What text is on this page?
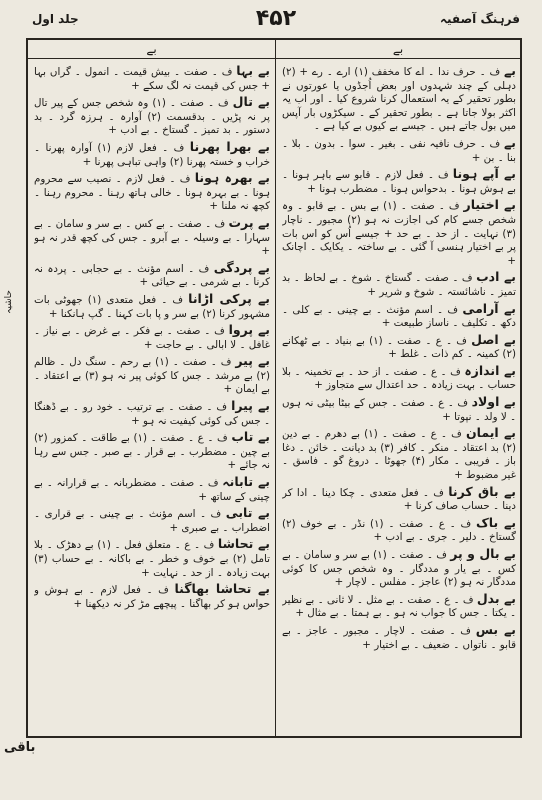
جلد اول	۴۵۲	فرہنگ آصفیہ
بے	بے
بے ف ۔ حرف ندا ۔ اے کا مخفف (۱) ارے ۔ رے + (۲) دہلی کے چند شہدوں اور بعض اُجڈوں یا عورتوں نے بطور تحقیر کے یہ استعمال کرنا شروع کیا ۔ اور اب یہ اکثر بولا جاتا ہے ۔ بطور تحقیر کے ۔ سیکڑوں بار آپس میں بول جاتے ہیں ۔ جیسے بے کیوں بے کیا ہے ۔
بے ف ۔ حرف نافیہ نفی ۔ بغیر ۔ سوا ۔ بدون ۔ بلا ۔ بنا ۔ بن +
بے آپے ہونا ف ۔ فعل لازم ۔ قابو سے باہر ہونا ۔ بے ہوش ہونا ۔ بدحواس ہونا ۔ مضطرب ہونا +
بے اختیار ف ۔ صفت ۔ (۱) بے بس ۔ بے قابو ۔ وہ شخص جسے کام کی اجازت نہ ہو (۲) مجبور ۔ ناچار (۳) نہایت ۔ از حد ۔ بے حد + جیسے اُس کو اس بات پر بے اختیار ہنسی آ گئی ۔ بے ساختہ ۔ یکایک ۔ اچانک +
بے ادب ف ۔ صفت ۔ گستاخ ۔ شوخ ۔ بے لحاظ ۔ بد تمیز ۔ ناشائستہ ۔ شوخ و شریر +
بے آرامی ف ۔ اسم مؤنث ۔ بے چینی ۔ بے کلی ۔ دکھ ۔ تکلیف ۔ ناساز طبیعت +
بے اصل ف ۔ ع ۔ صفت ۔ (۱) بے بنیاد ۔ بے ٹھکانے (۲) کمینہ ۔ کم ذات ۔ غلط +
بے اندازہ ف ۔ ع ۔ صفت ۔ از حد ۔ بے تخمینہ ۔ بلا حساب ۔ بہت زیادہ ۔ حد اعتدال سے متجاوز +
بے اولاد ف ۔ ع ۔ صفت ۔ جس کے بیٹا بیٹی نہ ہوں ۔ لا ولد ۔ نپوتا +
بے ایمان ف ۔ ع ۔ صفت ۔ (۱) بے دھرم ۔ بے دین (۲) بد اعتقاد ۔ منکر ۔ کافر (۳) بد دیانت ۔ خائن ۔ دغا باز ۔ فریبی ۔ مکار (۴) جھوٹا ۔ دروغ گو ۔ فاسق ۔ غیر مضبوط +
بے باق کرنا ف ۔ فعل متعدی ۔ چکا دینا ۔ ادا کر دینا ۔ حساب صاف کرنا +
بے باک ف ۔ ع ۔ صفت ۔ (۱) نڈر ۔ بے خوف (۲) گستاخ ۔ دلیر ۔ جری ۔ بے ادب +
بے بال و پر ف ۔ صفت ۔ (۱) بے سر و سامان ۔ بے کس ۔ بے یار و مددگار ۔ وہ شخص جس کا کوئی مددگار نہ ہو (۲) عاجز ۔ مفلس ۔ لاچار +
بے بدل ف ۔ ع ۔ صفت ۔ بے مثل ۔ لا ثانی ۔ بے نظیر ۔ یکتا ۔ جس کا جواب نہ ہو ۔ بے ہمتا ۔ بے مثال +
بے بس ف ۔ صفت ۔ لاچار ۔ مجبور ۔ عاجز ۔ بے قابو ۔ ناتواں ۔ ضعیف ۔ بے اختیار +
بے بہا ف ۔ صفت ۔ بیش قیمت ۔ انمول ۔ گراں بہا + جس کی قیمت نہ لگ سکے +
بے تال ف ۔ صفت ۔ (۱) وہ شخص جس کے پیر تال پر نہ پڑیں ۔ بدقسمت (۲) آوارہ ۔ ہرزہ گرد ۔ بد دستور ۔ بد تمیز ۔ گستاخ ۔ بے ادب +
بے بھرا پھرنا ف ۔ فعل لازم (۱) آوارہ پھرنا ۔ خراب و خستہ پھرنا (۲) واہی تباہی پھرنا +
بے بھرہ ہونا ف ۔ فعل لازم ۔ نصیب سے محروم ہونا ۔ بے بہرہ ہونا ۔ خالی ہاتھ رہنا ۔ محروم رہنا ۔ کچھ نہ ملنا +
بے پرت ف ۔ صفت ۔ بے کس ۔ بے سر و سامان ۔ بے سہارا ۔ بے وسیلہ ۔ بے آبرو ۔ جس کی کچھ قدر نہ ہو +
بے پردگی ف ۔ اسم مؤنث ۔ بے حجابی ۔ پردہ نہ کرنا ۔ بے شرمی ۔ بے حیائی +
بے پرکی اڑانا ف ۔ فعل متعدی (۱) جھوٹی بات مشہور کرنا (۲) بے سر و پا بات کہنا ۔ گپ ہانکنا +
بے پروا ف ۔ صفت ۔ بے فکر ۔ بے غرض ۔ بے نیاز ۔ غافل ۔ لا ابالی ۔ بے حاجت +
بے پیر ف ۔ صفت ۔ (۱) بے رحم ۔ سنگ دل ۔ ظالم (۲) بے مرشد ۔ جس کا کوئی پیر نہ ہو (۳) بے اعتقاد ۔ بے ایمان +
بے پیرا ف ۔ صفت ۔ بے ترتیب ۔ خود رو ۔ بے ڈھنگا ۔ جس کی کوئی کیفیت نہ ہو +
بے تاب ف ۔ ع ۔ صفت ۔ (۱) بے طاقت ۔ کمزور (۲) بے چین ۔ مضطرب ۔ بے قرار ۔ بے صبر ۔ جس سے رہا نہ جائے +
بے تابانہ ف ۔ صفت ۔ مضطربانہ ۔ بے قرارانہ ۔ بے چینی کے ساتھ +
بے تابی ف ۔ اسم مؤنث ۔ بے چینی ۔ بے قراری ۔ اضطراب ۔ بے صبری +
بے تحاشا ف ۔ ع ۔ متعلق فعل ۔ (۱) بے دھڑک ۔ بلا تامل (۲) بے خوف و خطر ۔ بے باکانہ ۔ بے حساب (۳) بہت زیادہ ۔ از حد ۔ نہایت +
بے تحاشا بھاگنا ف ۔ فعل لازم ۔ بے ہوش و حواس ہو کر بھاگنا ۔ پیچھے مڑ کر نہ دیکھنا +
حاشیہ
باقی
